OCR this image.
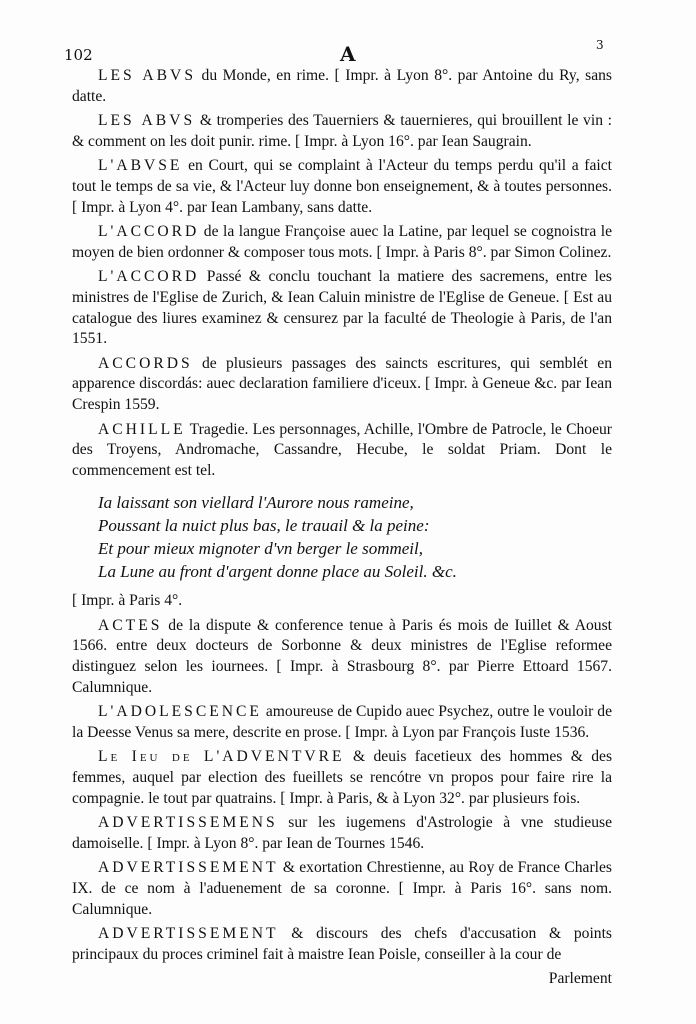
102	A	3

LES ABVS du Monde, en rime. [ Impr. à Lyon 8°. par Antoine du Ry, sans datte.

LES ABVS & tromperies des Tauerniers & tauernieres, qui brouillent le vin : & comment on les doit punir. rime. [ Impr. à Lyon 16°. par Iean Saugrain.

L'ABVSE en Court, qui se complaint à l'Acteur du temps perdu qu'il a faict tout le temps de sa vie, & l'Acteur luy donne bon enseignement, & à toutes personnes. [ Impr. à Lyon 4°. par Iean Lambany, sans datte.

L'ACCORD de la langue Françoise auec la Latine, par lequel se cognoistra le moyen de bien ordonner & composer tous mots. [ Impr. à Paris 8°. par Simon Colinez.

L'ACCORD Passé & conclu touchant la matiere des sacremens, entre les ministres de l'Eglise de Zurich, & Iean Caluin ministre de l'Eglise de Geneue. [ Est au catalogue des liures examinez & censurez par la faculté de Theologie à Paris, de l'an 1551.

ACCORDS de plusieurs passages des saincts escritures, qui semblét en apparence discordás: auec declaration familiere d'iceux. [ Impr. à Geneue &c. par Iean Crespin 1559.

ACHILLE Tragedie. Les personnages, Achille, l'Ombre de Patrocle, le Choeur des Troyens, Andromache, Cassandre, Hecube, le soldat Priam. Dont le commencement est tel.

Ia laissant son viellard l'Aurore nous rameine,
Poussant la nuict plus bas, le trauail & la peine:
Et pour mieux mignoter d'vn berger le sommeil,
La Lune au front d'argent donne place au Soleil. &c.

[ Impr. à Paris 4°.

ACTES de la dispute & conference tenue à Paris és mois de Iuillet & Aoust 1566. entre deux docteurs de Sorbonne & deux ministres de l'Eglise reformee distinguez selon les iournees. [ Impr. à Strasbourg 8°. par Pierre Ettoard 1567. Calumnique.

L'ADOLESCENCE amoureuse de Cupido auec Psychez, outre le vouloir de la Deesse Venus sa mere, descrite en prose. [ Impr. à Lyon par François Iuste 1536.

Le Ieu de L'ADVENTVRE & deuis facetieux des hommes & des femmes, auquel par election des fueillets se rencótre vn propos pour faire rire la compagnie. le tout par quatrains. [ Impr. à Paris, & à Lyon 32°. par plusieurs fois.

ADVERTISSEMENS sur les iugemens d'Astrologie à vne studieuse damoiselle. [ Impr. à Lyon 8°. par Iean de Tournes 1546.

ADVERTISSEMENT & exortation Chrestienne, au Roy de France Charles IX. de ce nom à l'aduenement de sa coronne. [ Impr. à Paris 16°. sans nom. Calumnique.

ADVERTISSEMENT & discours des chefs d'accusation & points principaux du proces criminel fait à maistre Iean Poisle, conseiller à la cour de

Parlement
